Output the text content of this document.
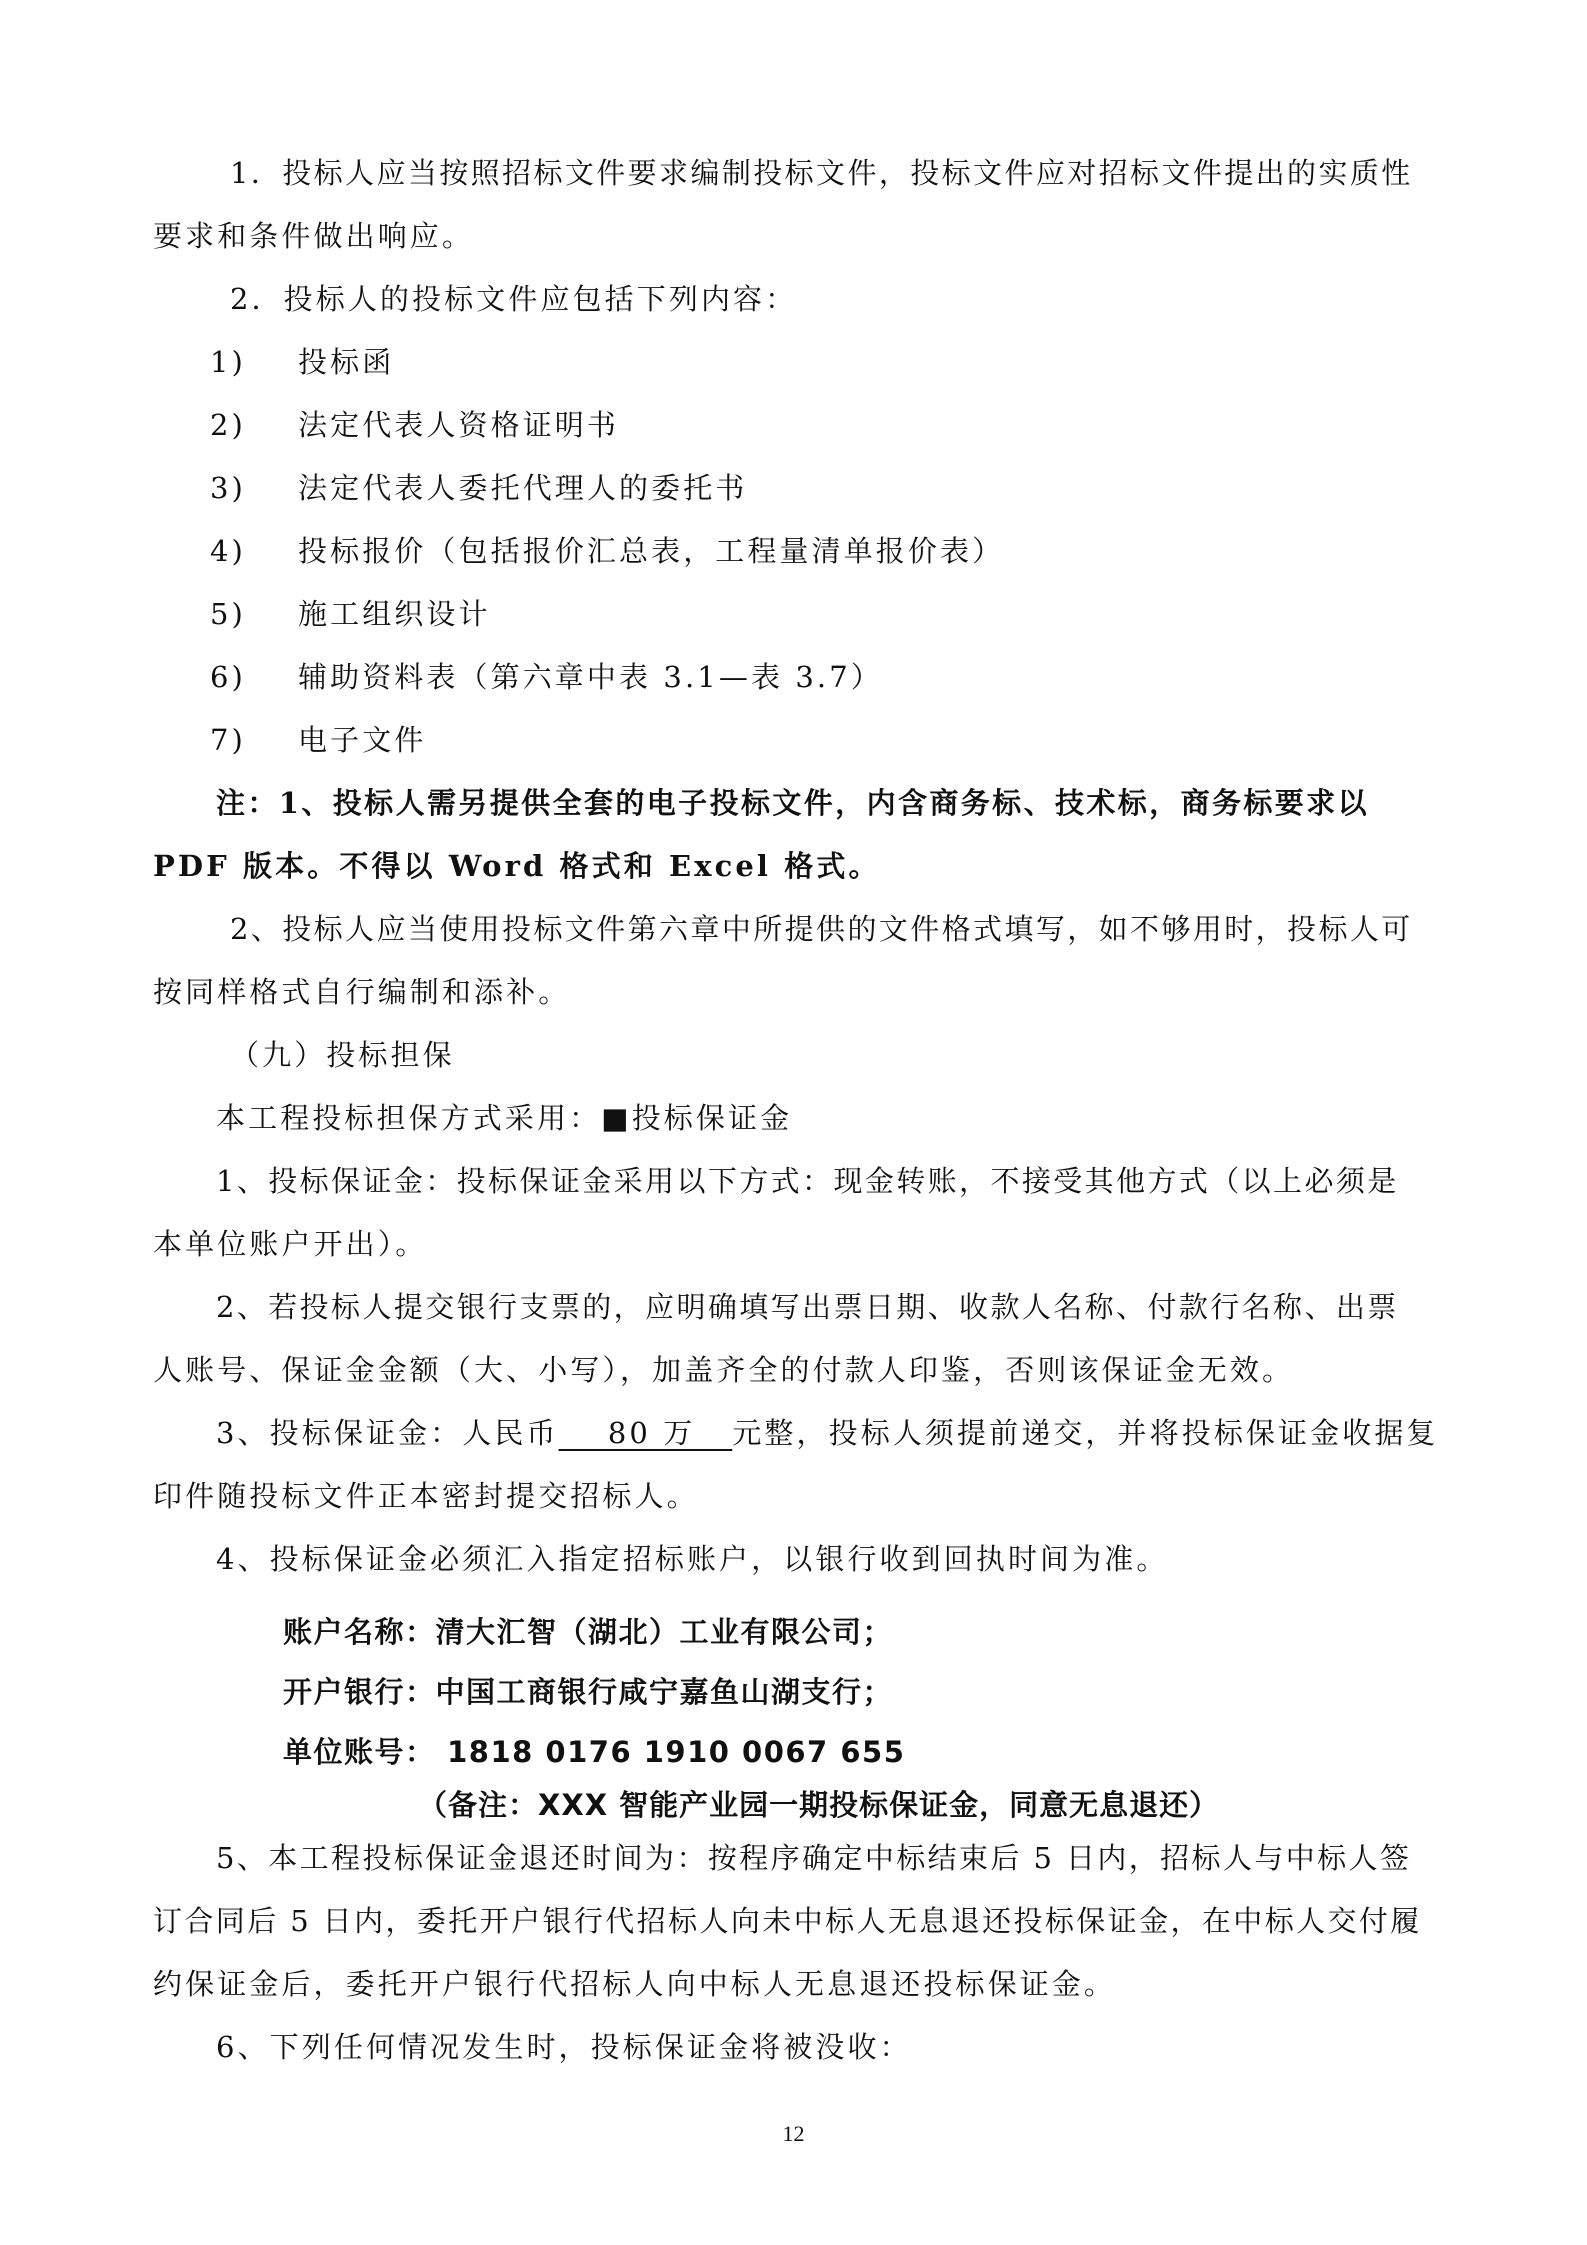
1．投标人应当按照招标文件要求编制投标文件，投标文件应对招标文件提出的实质性
要求和条件做出响应。
2．投标人的投标文件应包括下列内容：
1) 投标函
2) 法定代表人资格证明书
3) 法定代表人委托代理人的委托书
4) 投标报价（包括报价汇总表，工程量清单报价表）
5) 施工组织设计
6) 辅助资料表（第六章中表 3.1—表 3.7）
7) 电子文件
注：1、投标人需另提供全套的电子投标文件，内含商务标、技术标，商务标要求以
PDF 版本。不得以 Word 格式和 Excel 格式。
2、投标人应当使用投标文件第六章中所提供的文件格式填写，如不够用时，投标人可
按同样格式自行编制和添补。
（九）投标担保
本工程投标担保方式采用：■投标保证金
1、投标保证金：投标保证金采用以下方式：现金转账，不接受其他方式（以上必须是
本单位账户开出）。
2、若投标人提交银行支票的，应明确填写出票日期、收款人名称、付款行名称、出票
人账号、保证金金额（大、小写），加盖齐全的付款人印鉴，否则该保证金无效。
3、投标保证金：人民币    80 万   元整，投标人须提前递交，并将投标保证金收据复
印件随投标文件正本密封提交招标人。
4、投标保证金必须汇入指定招标账户，以银行收到回执时间为准。
账户名称：清大汇智（湖北）工业有限公司；
开户银行：中国工商银行咸宁嘉鱼山湖支行；
单位账号： 1818 0176 1910 0067 655
（备注：XXX 智能产业园一期投标保证金，同意无息退还）
5、本工程投标保证金退还时间为：按程序确定中标结束后 5 日内，招标人与中标人签
订合同后 5 日内，委托开户银行代招标人向未中标人无息退还投标保证金，在中标人交付履
约保证金后，委托开户银行代招标人向中标人无息退还投标保证金。
6、下列任何情况发生时，投标保证金将被没收：
12
